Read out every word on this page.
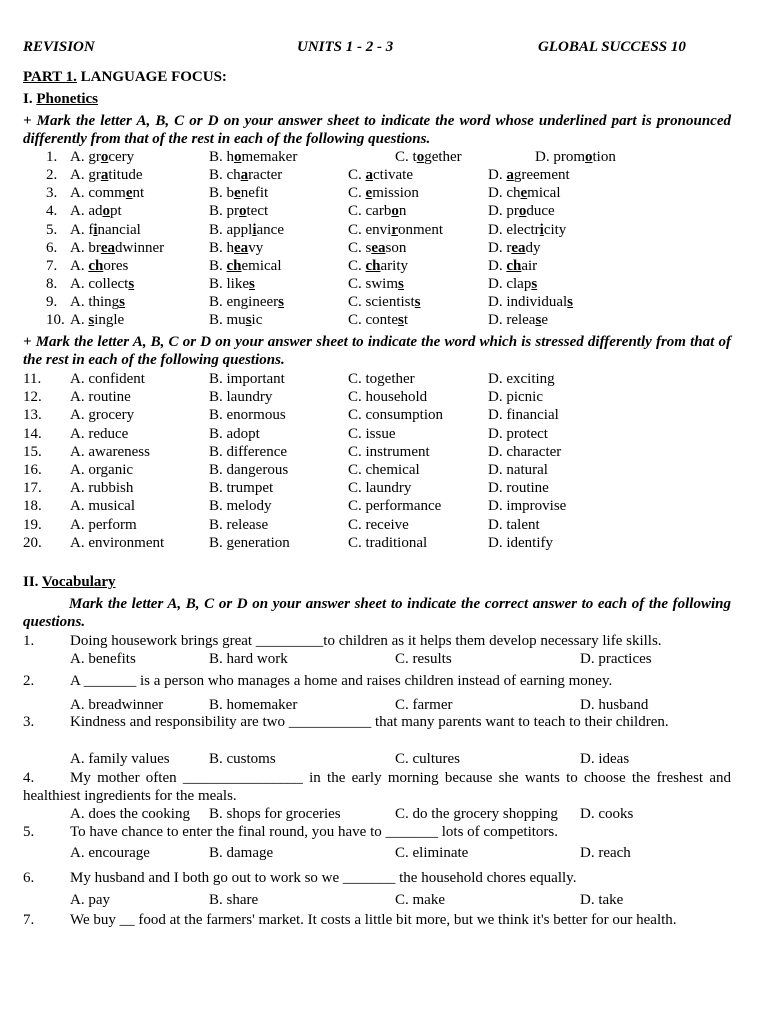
REVISION	UNITS 1 - 2 - 3	GLOBAL SUCCESS 10
PART 1. LANGUAGE FOCUS:
I. Phonetics
+ Mark the letter A, B, C or D on your answer sheet to indicate the word whose underlined part is pronounced differently from that of the rest in each of the following questions.
1. A. grocery	B. homemaker	C. together	D. promotion
2. A. gratitude	B. character	C. activate	D. agreement
3. A. comment	B. benefit	C. emission	D. chemical
4. A. adopt	B. protect	C. carbon	D. produce
5. A. financial	B. appliance	C. environment	D. electricity
6. A. breadwinner	B. heavy	C. season	D. ready
7. A. chores	B. chemical	C. charity	D. chair
8. A. collects	B. likes	C. swims	D. claps
9. A. things	B. engineers	C. scientists	D. individuals
10. A. single	B. music	C. contest	D. release
+ Mark the letter A, B, C or D on your answer sheet to indicate the word which is stressed differently from that of the rest in each of the following questions.
11. A. confident	B. important	C. together	D. exciting
12. A. routine	B. laundry	C. household	D. picnic
13. A. grocery	B. enormous	C. consumption	D. financial
14. A. reduce	B. adopt	C. issue	D. protect
15. A. awareness	B. difference	C. instrument	D. character
16. A. organic	B. dangerous	C. chemical	D. natural
17. A. rubbish	B. trumpet	C. laundry	D. routine
18. A. musical	B. melody	C. performance	D. improvise
19. A. perform	B. release	C. receive	D. talent
20. A. environment	B. generation	C. traditional	D. identify
II. Vocabulary
Mark the letter A, B, C or D on your answer sheet to indicate the correct answer to each of the following questions.
1. Doing housework brings great _________to children as it helps them develop necessary life skills.
A. benefits	B. hard work	C. results	D. practices
2. A _______ is a person who manages a home and raises children instead of earning money.
A. breadwinner	B. homemaker	C. farmer	D. husband
3. Kindness and responsibility are two ___________ that many parents want to teach to their children.
A. family values	B. customs	C. cultures	D. ideas
4. My mother often ________________ in the early morning because she wants to choose the freshest and healthiest ingredients for the meals.
A. does the cooking B. shops for groceries	C. do the grocery shopping D. cooks
5. To have chance to enter the final round, you have to _______ lots of competitors.
A. encourage	B. damage	C. eliminate	D. reach
6. My husband and I both go out to work so we _______ the household chores equally.
A. pay	B. share	C. make	D. take
7. We buy __ food at the farmers' market. It costs a little bit more, but we think it's better for our health.
